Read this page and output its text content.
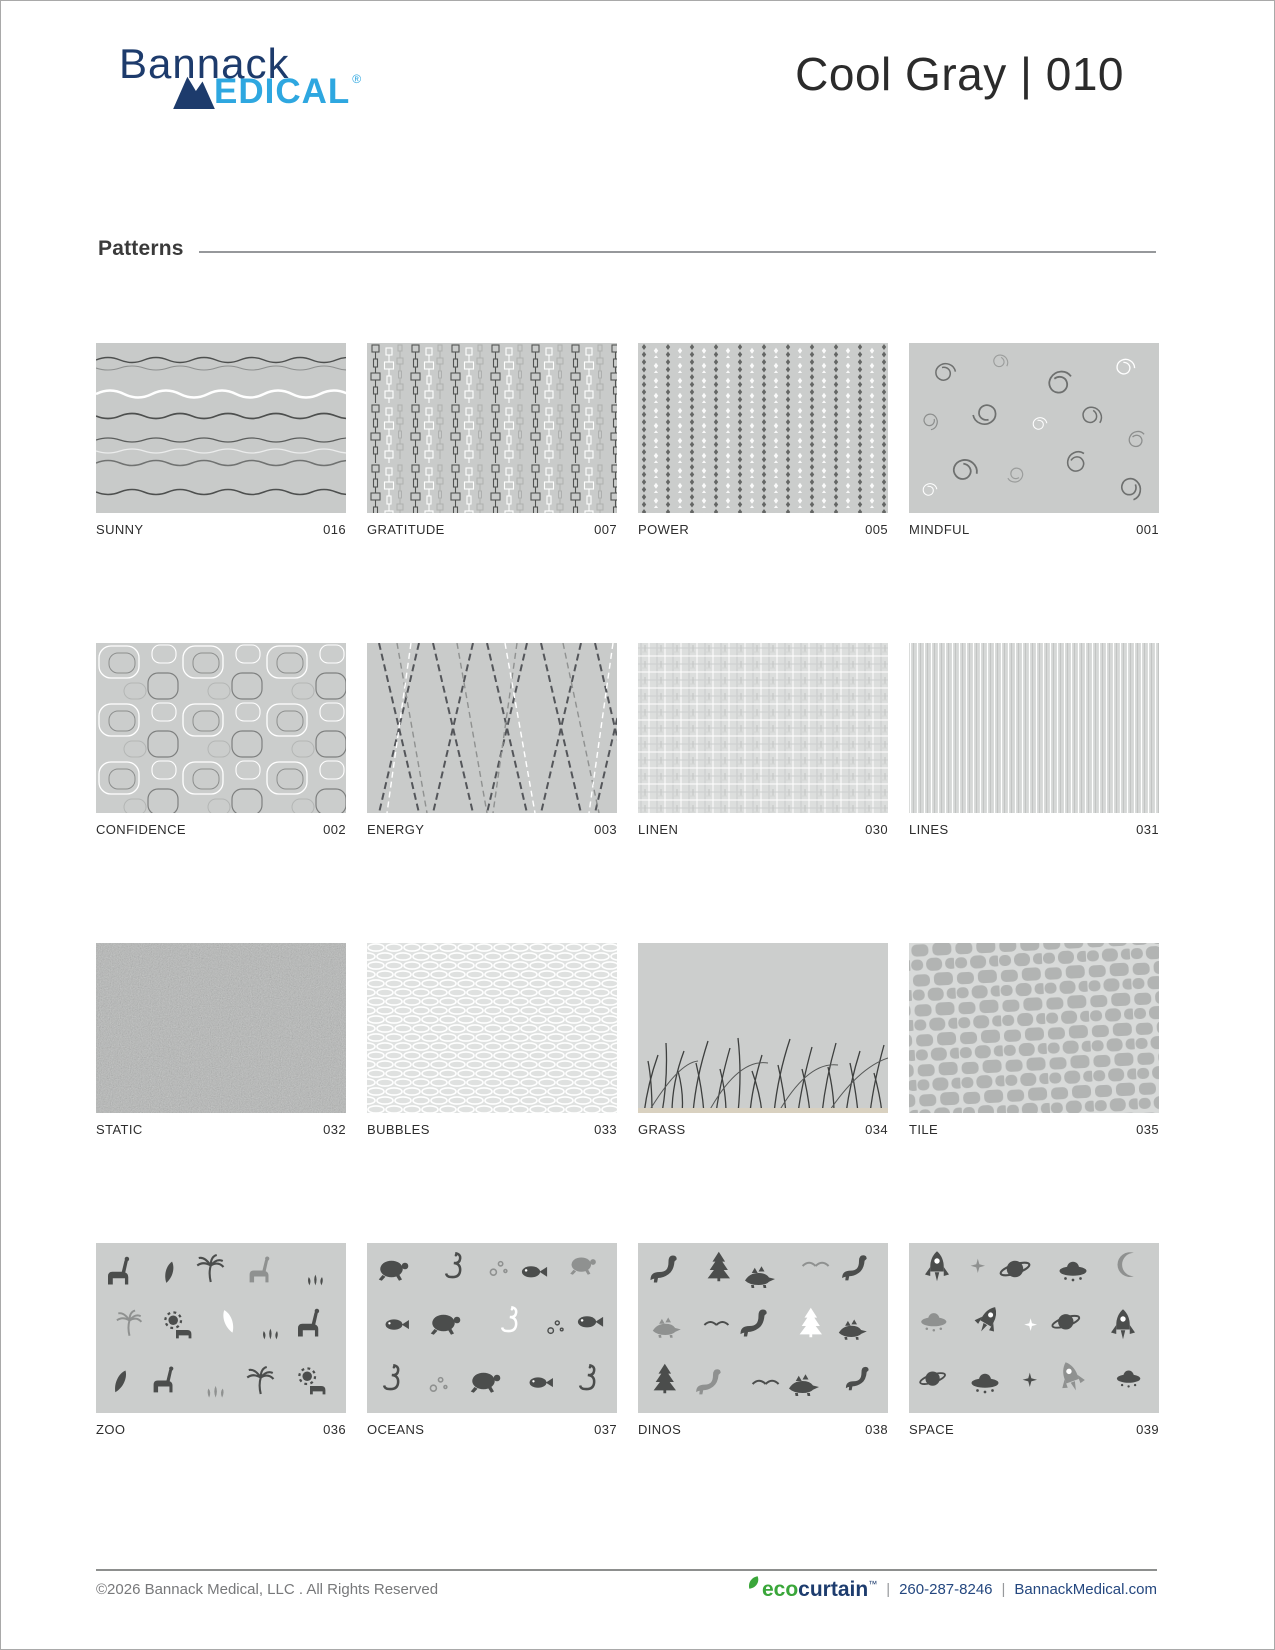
Bannack
EDICAL ®	Cool Gray | 010
Patterns
SUNNY	016 GRATITUDE	007 POWER	005 MINDFUL	001
CONFIDENCE	002 ENERGY	003 LINEN	030 LINES	031
STATIC	032 BUBBLES	033 GRASS	034 TILE	035
ZOO	036 OCEANS	037 DINOS	038 SPACE	039
©2026 Bannack Medical, LLC . All Rights Reserved	eco curtain ™ | 260-287-8246 | BannackMedical.com
